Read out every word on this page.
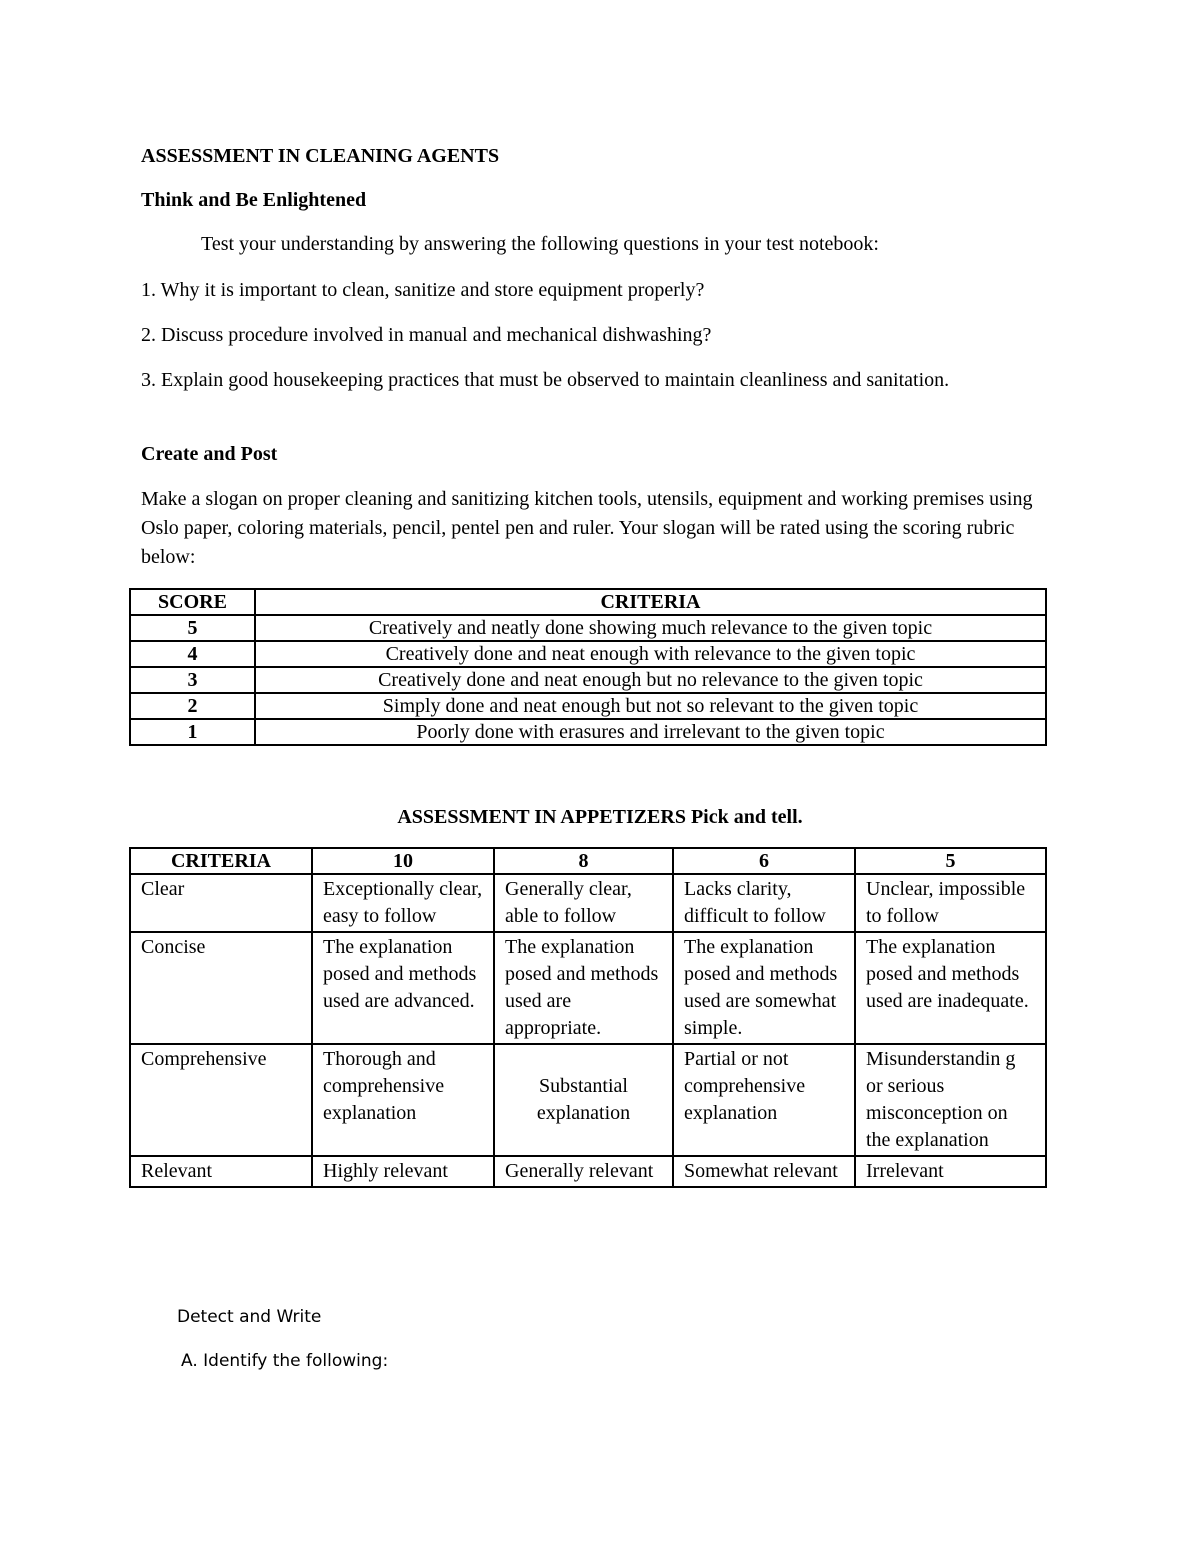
ASSESSMENT IN CLEANING AGENTS

Think and Be Enlightened

Test your understanding by answering the following questions in your test notebook:

1. Why it is important to clean, sanitize and store equipment properly?

2. Discuss procedure involved in manual and mechanical dishwashing?

3. Explain good housekeeping practices that must be observed to maintain cleanliness and sanitation.

Create and Post

Make a slogan on proper cleaning and sanitizing kitchen tools, utensils, equipment and working premises using Oslo paper, coloring materials, pencil, pentel pen and ruler. Your slogan will be rated using the scoring rubric below:

SCORE	CRITERIA
5	Creatively and neatly done showing much relevance to the given topic
4	Creatively done and neat enough with relevance to the given topic
3	Creatively done and neat enough but no relevance to the given topic
2	Simply done and neat enough but not so relevant to the given topic
1	Poorly done with erasures and irrelevant to the given topic

ASSESSMENT IN APPETIZERS Pick and tell.

CRITERIA	10	8	6	5
Clear	Exceptionally clear, easy to follow	Generally clear, able to follow	Lacks clarity, difficult to follow	Unclear, impossible to follow
Concise	The explanation posed and methods used are advanced.	The explanation posed and methods used are appropriate.	The explanation posed and methods used are somewhat simple.	The explanation posed and methods used are inadequate.
Comprehensive	Thorough and comprehensive explanation	Substantial explanation	Partial or not comprehensive explanation	Misunderstandin g or serious misconception on the explanation
Relevant	Highly relevant	Generally relevant	Somewhat relevant	Irrelevant

Detect and Write

A. Identify the following:
